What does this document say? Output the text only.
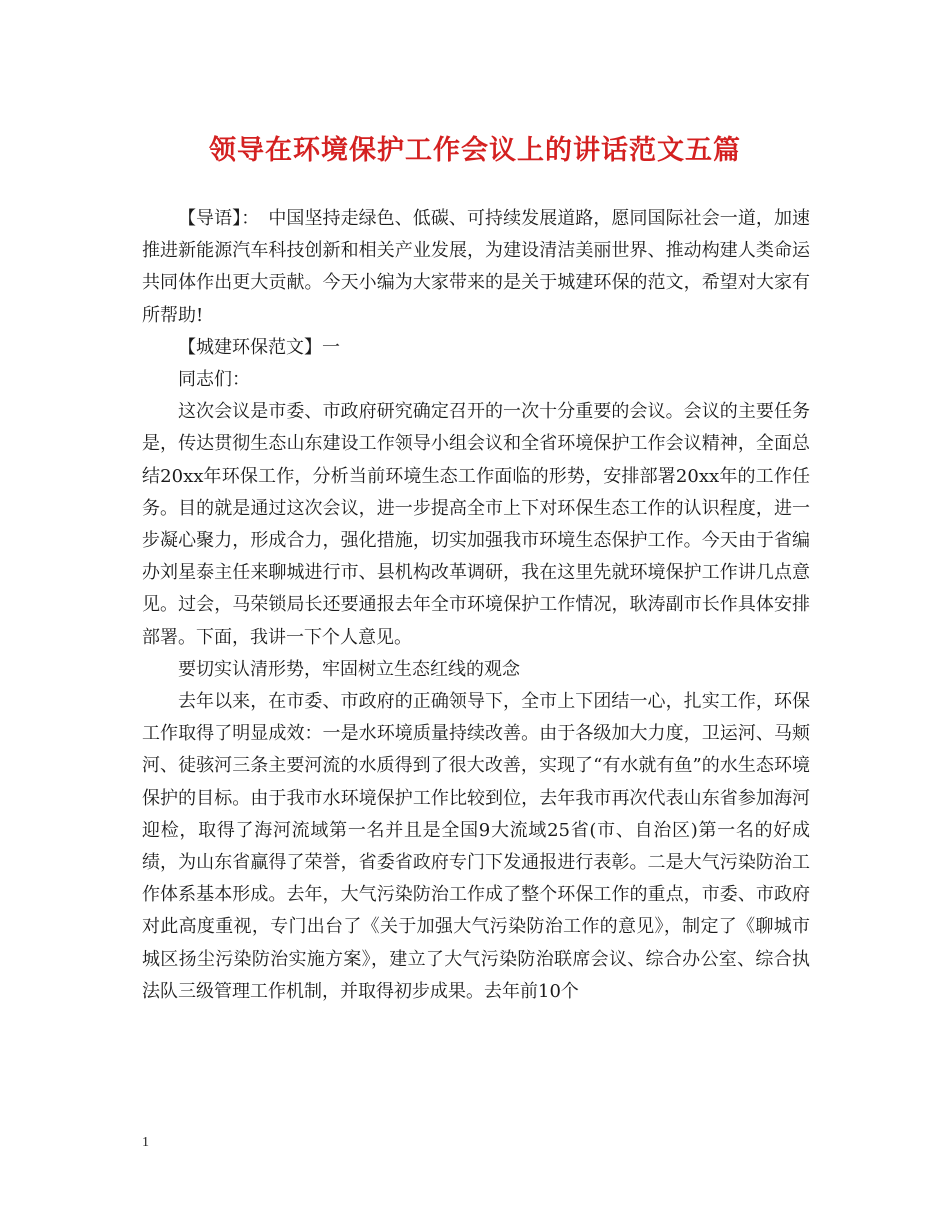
领导在环境保护工作会议上的讲话范文五篇

【导语】：　中国坚持走绿色、低碳、可持续发展道路，愿同国际社会一道，加速推进新能源汽车科技创新和相关产业发展，为建设清洁美丽世界、推动构建人类命运共同体作出更大贡献。今天小编为大家带来的是关于城建环保的范文，希望对大家有所帮助!

【城建环保范文】一

同志们：

这次会议是市委、市政府研究确定召开的一次十分重要的会议。会议的主要任务是，传达贯彻生态山东建设工作领导小组会议和全省环境保护工作会议精神，全面总结20xx年环保工作，分析当前环境生态工作面临的形势，安排部署20xx年的工作任务。目的就是通过这次会议，进一步提高全市上下对环保生态工作的认识程度，进一步凝心聚力，形成合力，强化措施，切实加强我市环境生态保护工作。今天由于省编办刘星泰主任来聊城进行市、县机构改革调研，我在这里先就环境保护工作讲几点意见。过会，马荣锁局长还要通报去年全市环境保护工作情况，耿涛副市长作具体安排部署。下面，我讲一下个人意见。

要切实认清形势，牢固树立生态红线的观念

去年以来，在市委、市政府的正确领导下，全市上下团结一心，扎实工作，环保工作取得了明显成效：一是水环境质量持续改善。由于各级加大力度，卫运河、马颊河、徒骇河三条主要河流的水质得到了很大改善，实现了“有水就有鱼”的水生态环境保护的目标。由于我市水环境保护工作比较到位，去年我市再次代表山东省参加海河迎检，取得了海河流域第一名并且是全国9大流域25省(市、自治区)第一名的好成绩，为山东省赢得了荣誉，省委省政府专门下发通报进行表彰。二是大气污染防治工作体系基本形成。去年，大气污染防治工作成了整个环保工作的重点，市委、市政府对此高度重视，专门出台了《关于加强大气污染防治工作的意见》，制定了《聊城市城区扬尘污染防治实施方案》，建立了大气污染防治联席会议、综合办公室、综合执法队三级管理工作机制，并取得初步成果。去年前10个

1
